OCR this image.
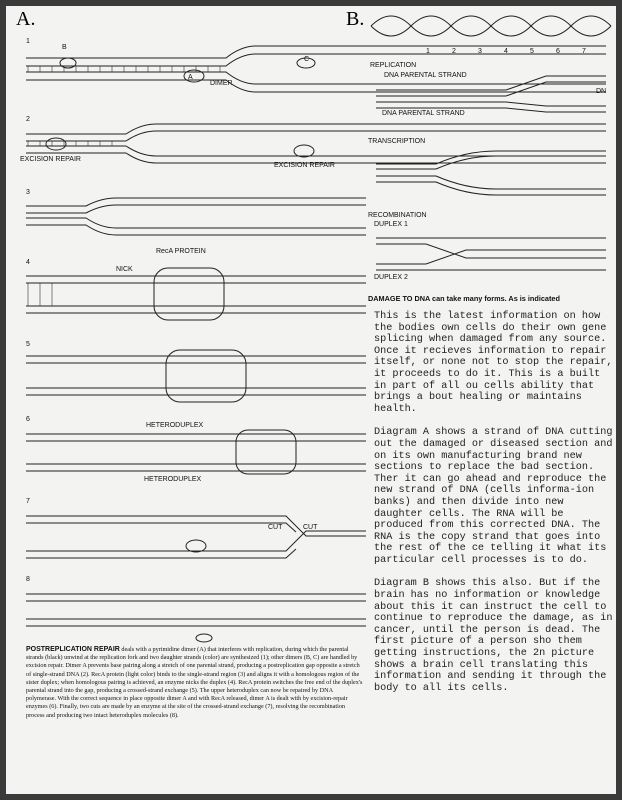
A.	B.
1
2
3
4
5
6
7
8
B
A
DIMER
C
EXCISION REPAIR
EXCISION REPAIR
RecA PROTEIN
NICK
HETERODUPLEX
HETERODUPLEX
CUT	CUT
1	2	3	4	5	6	7
REPLICATION
DNA PARENTAL STRAND
DNA PARENTAL STRAND
DN
TRANSCRIPTION
RECOMBINATION
DUPLEX 1
DUPLEX 2
DAMAGE TO DNA can take many forms. As is indicated
POSTREPLICATION REPAIR deals with a pyrimidine dimer (A) that interferes with replication, during which the parental strands (black) unwind at the replication fork and two daughter strands (color) are synthesized (1); other dimers (B, C) are handled by excision repair. Dimer A prevents base pairing along a stretch of one parental strand, producing a postreplication gap opposite a stretch of single-strand DNA (2). RecA protein (light color) binds to the single-strand region (3) and aligns it with a homologous region of the sister duplex; when homologous pairing is achieved, an enzyme nicks the duplex (4). RecA protein switches the free end of the duplex's parental strand into the gap, producing a crossed-strand exchange (5). The upper heteroduplex can now be repaired by DNA polymerase. With the correct sequence in place opposite dimer A and with RecA released, dimer A is dealt with by excision-repair enzymes (6). Finally, two cuts are made by an enzyme at the site of the crossed-strand exchange (7), resolving the recombination process and producing two intact heteroduplex molecules (8).

This is the latest information on how the bodies own cells do their own gene splicing when damaged from any source. Once it recieves information to repair itself, or none not to stop the repair, it proceeds to do it. This is a built in part of all ou cells ability that brings a bout healing or maintains health.

Diagram A shows a strand of DNA cutting out the damaged or diseased section and on its own manufacturing brand new sections to replace the bad section. Ther it can go ahead and reproduce the new strand of DNA (cells informa-ion banks) and then divide into new daughter cells. The RNA will be produced from this corrected DNA. The RNA is the copy strand that goes into the rest of the ce telling it what its particular cell processes is to do.

Diagram B shows this also. But if the brain has no information or knowledge about this it can instruct the cell to continue to reproduce the damage, as in cancer, until the person is dead. The first picture of a person sho them getting instructions, the 2n picture shows a brain cell translating this information and sending it through the body to all its cells.
